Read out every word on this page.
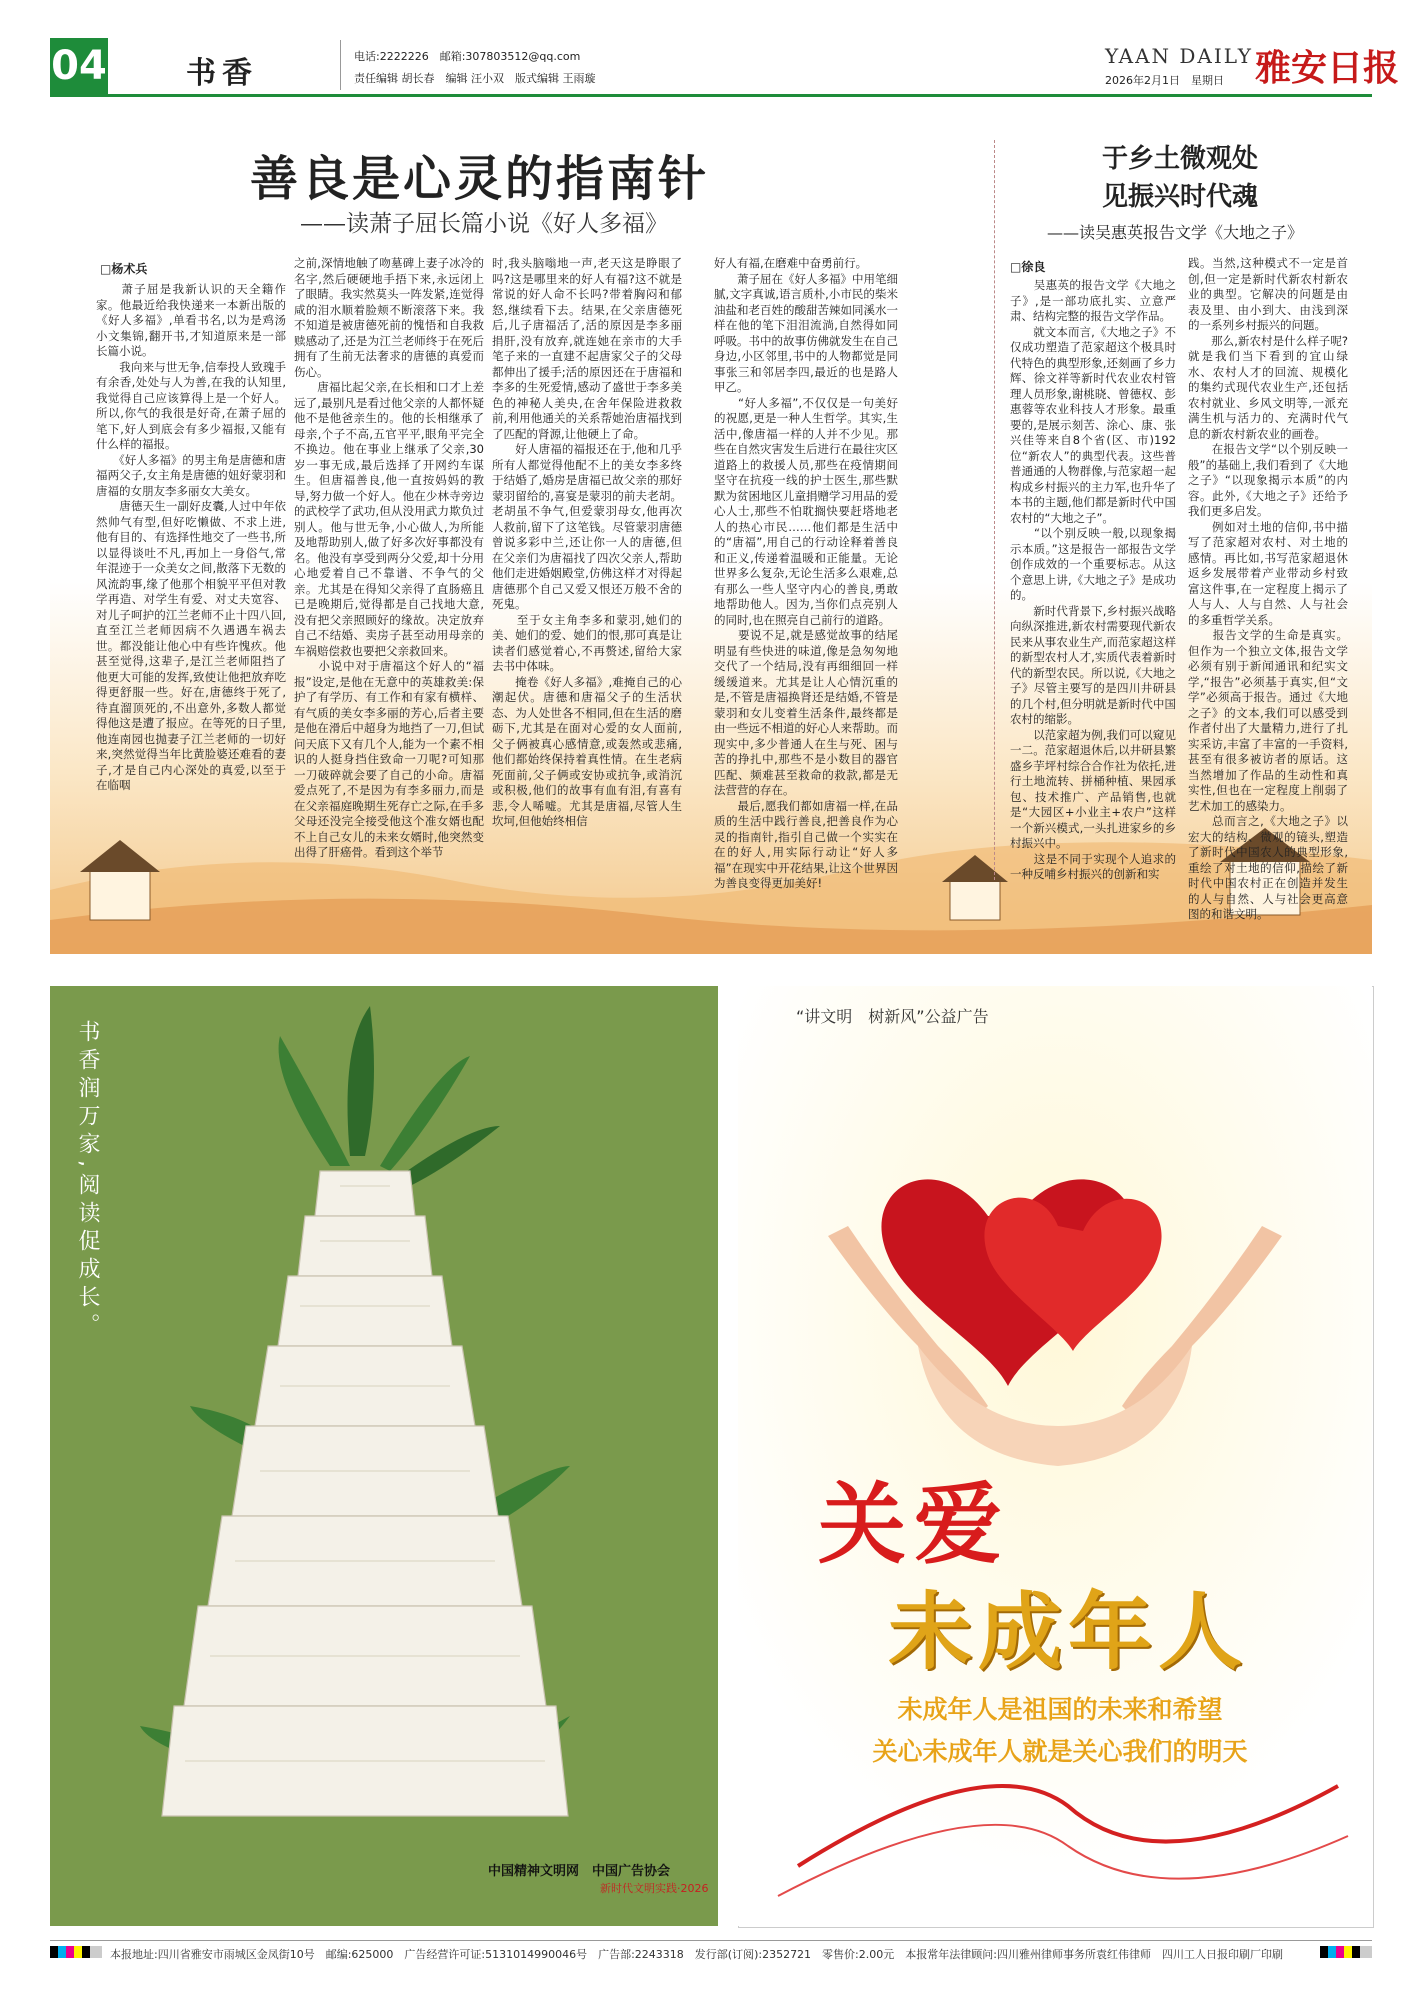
04	书香	电话:2222226　邮箱:307803512@qq.com
责任编辑 胡长春　编辑 汪小双　版式编辑 王雨璇
YAAN DAILY
2026年2月1日　星期日 雅安日报
善良是心灵的指南针
——读萧子屈长篇小说《好人多福》
□杨术兵
　　萧子屈是我新认识的天全籍作家。他最近给我快递来一本新出版的《好人多福》,单看书名,以为是鸡汤小文集锦,翻开书,才知道原来是一部长篇小说。
　　我向来与世无争,信奉投人致瑰手有余香,处处与人为善,在我的认知里,我觉得自己应该算得上是一个好人。所以,你气的我很是好奇,在萧子屈的笔下,好人到底会有多少福报,又能有什么样的福报。
　　《好人多福》的男主角是唐德和唐福两父子,女主角是唐德的妞好蒙羽和唐福的女朋友李多丽女大美女。
　　唐德天生一副好皮囊,人过中年依然帅气有型,但好吃懒做、不求上进,他有目的、有选择性地交了一些书,所以显得谈吐不凡,再加上一身俗气,常年混迹于一众美女之间,散落下无数的风流韵事,缘了他那个相貌平平但对教学再造、对学生有爱、对丈夫宽容、对儿子呵护的江兰老师不止十四八回,直至江兰老师因病不久遇遇车祸去世。都没能让他心中有些许愧疚。他甚至觉得,这辈子,是江兰老师阻挡了他更大可能的发挥,致使让他把放弃吃得更舒服一些。好在,唐德终于死了,待直溜顶死的,不出意外,多数人都觉得他这是遭了报应。在等死的日子里,他连南园也抛妻子江兰老师的一切好来,突然觉得当年比黄脸婆还难看的妻子,才是自己内心深处的真爱,以至于在临咽
之前,深情地触了吻墓碑上妻子冰冷的名字,然后硬硬地手捂下来,永远闭上了眼睛。我实然莫头一阵发紧,连觉得咸的泪水顺着脸颊不断滚落下来。我不知道是被唐德死前的愧悟和自我救赎感动了,还是为江兰老师终于在死后拥有了生前无法奢求的唐德的真爱而伤心。
　　唐福比起父亲,在长相和口才上差远了,最别凡是看过他父亲的人都怀疑他不是他爸亲生的。他的长相继承了母亲,个子不高,五官平平,眼角平完全不换边。他在事业上继承了父亲,30岁一事无成,最后选择了开网约车谋生。但唐福善良,他一直按妈妈的教导,努力做一个好人。他在少林寺旁边的武校学了武功,但从没用武力欺负过别人。他与世无争,小心做人,为所能及地帮助别人,做了好多次好事都没有名。他没有享受到两分父爱,却十分用心地爱着自己不靠谱、不争气的父亲。尤其是在得知父亲得了直肠癌且已是晚期后,觉得都是自己找地大意,没有把父亲照顾好的缘故。决定放弃自己不结婚、卖房子甚至动用母亲的车祸赔偿救也要把父亲救回来。
　　小说中对于唐福这个好人的“福报”设定,是他在无意中的英雄救美:保护了有学历、有工作和有家有横样、有气质的美女李多丽的芳心,后者主要是他在滑后中超身为地挡了一刀,但试问天底下又有几个人,能为一个素不相识的人挺身挡住致命一刀呢?可知那一刀破碎就会要了自己的小命。唐福爱点死了,不是因为有李多丽力,而是在父亲福庭晚期生死存亡之际,在手多父母还没完全接受他这个准女婿也配不上自己女儿的未来女婿时,他突然变出得了肝癌骨。看到这个举节
时,我头脑嗡地一声,老天这是睁眼了吗?这是哪里来的好人有福?这不就是常说的好人命不长吗?带着胸闷和郁怒,继续看下去。结果,在父亲唐德死后,儿子唐福活了,活的原因是李多丽捐肝,没有放弃,就连她在亲市的大手笔子来的一直建不起唐家父子的父母都伸出了援手;活的原因还在于唐福和李多的生死爱情,感动了盛世于李多美色的神秘人美央,在舍年保险进救救前,利用他通关的关系帮她治唐福找到了匹配的肾源,让他硬上了命。
　　好人唐福的福报还在于,他和几乎所有人都觉得他配不上的美女李多终于结婚了,婚房是唐福已故父亲的那好蒙羽留给的,喜宴是蒙羽的前夫老胡。老胡虽不争气,但爱蒙羽母女,他再次人救前,留下了这笔钱。尽管蒙羽唐德曾说多彩中兰,还让你一人的唐德,但在父亲们为唐福找了四次父亲人,帮助他们走进婚姻殿堂,仿佛这样才对得起唐德那个自己又爱又恨还万般不舍的死鬼。
　　至于女主角李多和蒙羽,她们的美、她们的爱、她们的恨,那可真是让读者们感觉着心,不再赘述,留给大家去书中体味。
　　掩卷《好人多福》,难掩自己的心潮起伏。唐德和唐福父子的生活状态、为人处世各不相同,但在生活的磨砺下,尤其是在面对心爱的女人面前,父子俩被真心感情意,或轰然或悲痛,他们都始终保持着真性情。在生老病死面前,父子俩或安协或抗争,或消沉或积极,他们的故事有血有泪,有喜有悲,令人唏嘘。尤其是唐福,尽管人生坎坷,但他始终相信
好人有福,在磨难中奋勇前行。
　　萧子屈在《好人多福》中用笔细腻,文字真诚,语言质朴,小市民的柴米油盐和老百姓的酸甜苦辣如同溪水一样在他的笔下泪泪流淌,自然得如同呼吸。书中的故事仿佛就发生在自己身边,小区邻里,书中的人物都觉是同事张三和邻居李四,最近的也是路人甲乙。
　　“好人多福”,不仅仅是一句美好的祝愿,更是一种人生哲学。其实,生活中,像唐福一样的人并不少见。那些在自然灾害发生后进行在最往灾区道路上的救援人员,那些在疫情期间坚守在抗疫一线的护士医生,那些默默为贫困地区儿童捐赠学习用品的爱心人士,那些不怕耽搁快要赶塔地老人的热心市民……他们都是生活中的“唐福”,用自己的行动诠释着善良和正义,传递着温暖和正能量。无论世界多么复杂,无论生活多么艰难,总有那么一些人坚守内心的善良,勇敢地帮助他人。因为,当你们点亮别人的同时,也在照亮自己前行的道路。
　　要说不足,就是感觉故事的结尾明显有些快进的味道,像是急匆匆地交代了一个结局,没有再细细回一样缓缓道来。尤其是让人心情沉重的是,不管是唐福换肾还是结婚,不管是蒙羽和女儿变着生活条件,最终都是由一些远不相道的好心人来帮助。而现实中,多少普通人在生与死、困与苦的挣扎中,那些不是小数目的器官匹配、频难甚至救命的救款,都是无法营营的存在。
　　最后,愿我们都如唐福一样,在品质的生活中践行善良,把善良作为心灵的指南针,指引自己做一个实实在在的好人,用实际行动让“好人多福”在现实中开花结果,让这个世界因为善良变得更加美好!
于乡土微观处
见振兴时代魂
——读吴惠英报告文学《大地之子》
□徐良
　　吴惠英的报告文学《大地之子》,是一部功底扎实、立意严肃、结构完整的报告文学作品。
　　就文本而言,《大地之子》不仅成功塑造了范家超这个极具时代特色的典型形象,还刻画了乡力辉、徐文祥等新时代农业农村管理人员形象,谢桃晓、曾德权、彭惠蓉等农业科技人才形象。最重要的,是展示刻苦、涂心、康、张兴佳等来自8个省(区、市)192位“新农人”的典型代表。这些普普通通的人物群像,与范家超一起构成乡村振兴的主力军,也升华了本书的主题,他们都是新时代中国农村的“大地之子”。
　　“以个别反映一般,以现象揭示本质。”这是报告一部报告文学创作成效的一个重要标志。从这个意思上讲,《大地之子》是成功的。
　　新时代背景下,乡村振兴战略向纵深推进,新农村需要现代新农民来从事农业生产,而范家超这样的新型农村人才,实质代表着新时代的新型农民。所以说,《大地之子》尽管主要写的是四川井研县的几个村,但分明就是新时代中国农村的缩影。
　　以范家超为例,我们可以窥见一二。范家超退休后,以井研县繁盛乡芋坪村综合合作社为依托,进行土地流转、拼桶种植、果园承包、技术推广、产品销售,也就是“大园区+小业主+农户”这样一个新兴模式,一头扎进家乡的乡村振兴中。
　　这是不同于实现个人追求的一种反哺乡村振兴的创新和实
践。当然,这种模式不一定是首创,但一定是新时代新农村新农业的典型。它解决的问题是由表及里、由小到大、由浅到深的一系列乡村振兴的问题。
　　那么,新农村是什么样子呢?就是我们当下看到的宜山绿水、农村人才的回流、规模化的集约式现代农业生产,还包括农村就业、乡风文明等,一派充满生机与活力的、充满时代气息的新农村新农业的画卷。
　　在报告文学“以个别反映一般”的基础上,我们看到了《大地之子》“以现象揭示本质”的内容。此外,《大地之子》还给予我们更多启发。
　　例如对土地的信仰,书中描写了范家超对农村、对土地的感情。再比如,书写范家超退休返乡发展带着产业带动乡村致富这件事,在一定程度上揭示了人与人、人与自然、人与社会的多重哲学关系。
　　报告文学的生命是真实。但作为一个独立文体,报告文学必须有别于新闻通讯和纪实文学,“报告”必须基于真实,但“文学”必须高于报告。通过《大地之子》的文本,我们可以感受到作者付出了大量精力,进行了扎实采访,丰富了丰富的一手资料,甚至有很多被访者的原话。这当然增加了作品的生动性和真实性,但也在一定程度上削弱了艺术加工的感染力。
　　总而言之,《大地之子》以宏大的结构、微观的镜头,塑造了新时代中国农人的典型形象,重绘了对土地的信仰,描绘了新时代中国农村正在创造并发生的人与自然、人与社会更高意图的和谐文明。
书香润万家,阅读促成长。
中国精神文明网　中国广告协会
新时代文明实践·2026
“讲文明　树新风”公益广告
关爱
未成年人
未成年人是祖国的未来和希望
关心未成年人就是关心我们的明天
本报地址:四川省雅安市雨城区金凤街10号　邮编:625000　广告经营许可证:5131014990046号　广告部:2243318　发行部(订阅):2352721　零售价:2.00元　本报常年法律顾问:四川雅州律师事务所袁红伟律师　四川工人日报印刷厂印刷
